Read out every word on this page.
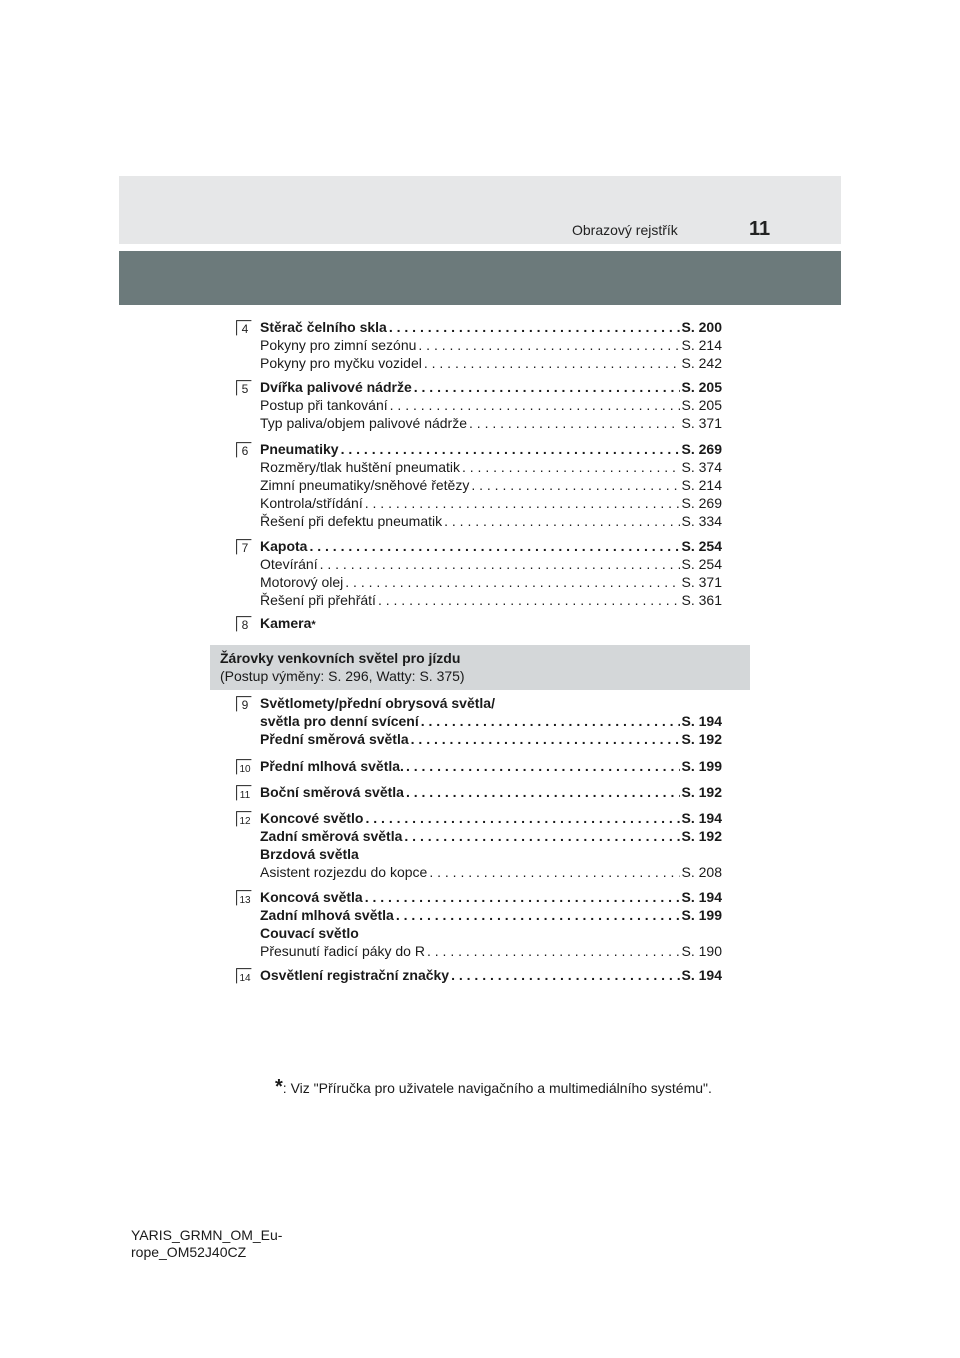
Obrazový rejstřík	11
4 Stěrač čelního skla . . .	S. 200
Pokyny pro zimní sezónu . . .	S. 214
Pokyny pro myčku vozidel . . .	S. 242
5 Dvířka palivové nádrže . . .	S. 205
Postup při tankování . . .	S. 205
Typ paliva/objem palivové nádrže . . .	S. 371
6 Pneumatiky . . .	S. 269
Rozměry/tlak huštění pneumatik . . .	S. 374
Zimní pneumatiky/sněhové řetězy . . .	S. 214
Kontrola/střídání . . .	S. 269
Řešení při defektu pneumatik . . .	S. 334
7 Kapota . . .	S. 254
Otevírání . . .	S. 254
Motorový olej . . .	S. 371
Řešení při přehřátí . . .	S. 361
8 Kamera *
9 Světlomety/přední obrysová světla/
světla pro denní svícení . . .	S. 194
Přední směrová světla . . .	S. 192
10 Přední mlhová světla. . . .	S. 199
11 Boční směrová světla . . .	S. 192
12 Koncové světlo . . .	S. 194
Zadní směrová světla . . .	S. 192
Brzdová světla
Asistent rozjezdu do kopce . . .	S. 208
13 Koncová světla . . .	S. 194
Zadní mlhová světla . . .	S. 199
Couvací světlo
Přesunutí řadicí páky do R . . .	S. 190
14 Osvětlení registrační značky . . .	S. 194
Žárovky venkovních světel pro jízdu
(Postup výměny: S. 296, Watty: S. 375)
*: Viz "Příručka pro uživatele navigačního a multimediálního systému".
YARIS_GRMN_OM_Eu-
rope_OM52J40CZ
